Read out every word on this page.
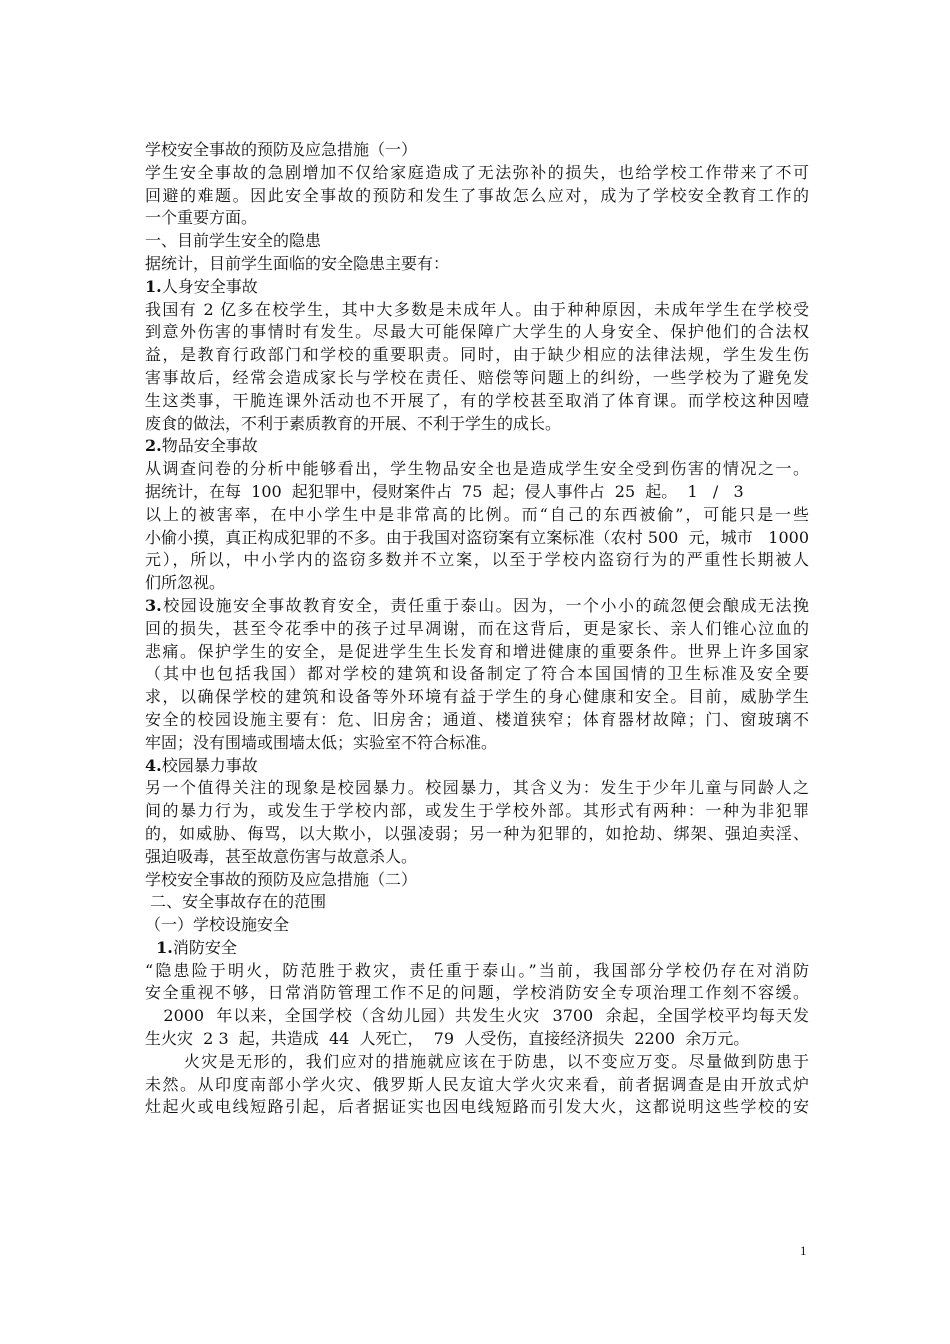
学校安全事故的预防及应急措施（一）
学生安全事故的急剧增加不仅给家庭造成了无法弥补的损失，也给学校工作带来了不可
回避的难题。因此安全事故的预防和发生了事故怎么应对，成为了学校安全教育工作的
一个重要方面。
一、目前学生安全的隐患
据统计，目前学生面临的安全隐患主要有：
1.人身安全事故
我国有 2 亿多在校学生，其中大多数是未成年人。由于种种原因，未成年学生在学校受
到意外伤害的事情时有发生。尽最大可能保障广大学生的人身安全、保护他们的合法权
益，是教育行政部门和学校的重要职责。同时，由于缺少相应的法律法规，学生发生伤
害事故后，经常会造成家长与学校在责任、赔偿等问题上的纠纷，一些学校为了避免发
生这类事，干脆连课外活动也不开展了，有的学校甚至取消了体育课。而学校这种因噎
废食的做法，不利于素质教育的开展、不利于学生的成长。
2.物品安全事故
从调查问卷的分析中能够看出，学生物品安全也是造成学生安全受到伤害的情况之一。
据统计，在每  100  起犯罪中，侵财案件占  75  起；侵人事件占  25  起。  1   /   3
以上的被害率，在中小学生中是非常高的比例。而“自己的东西被偷”，可能只是一些
小偷小摸，真正构成犯罪的不多。由于我国对盗窃案有立案标准（农村 500  元，城市   1000
元），所以，中小学内的盗窃多数并不立案，以至于学校内盗窃行为的严重性长期被人
们所忽视。
3.校园设施安全事故教育安全，责任重于泰山。因为，一个小小的疏忽便会酿成无法挽
回的损失，甚至令花季中的孩子过早凋谢，而在这背后，更是家长、亲人们锥心泣血的
悲痛。保护学生的安全，是促进学生生长发育和增进健康的重要条件。世界上许多国家
（其中也包括我国）都对学校的建筑和设备制定了符合本国国情的卫生标准及安全要
求，以确保学校的建筑和设备等外环境有益于学生的身心健康和安全。目前，威胁学生
安全的校园设施主要有：危、旧房舍；通道、楼道狭窄；体育器材故障；门、窗玻璃不
牢固；没有围墙或围墙太低；实验室不符合标准。
4.校园暴力事故
另一个值得关注的现象是校园暴力。校园暴力，其含义为：发生于少年儿童与同龄人之
间的暴力行为，或发生于学校内部，或发生于学校外部。其形式有两种：一种为非犯罪
的，如威胁、侮骂，以大欺小，以强凌弱；另一种为犯罪的，如抢劫、绑架、强迫卖淫、
强迫吸毒，甚至故意伤害与故意杀人。
学校安全事故的预防及应急措施（二）
二、安全事故存在的范围
（一）学校设施安全
1.消防安全
“隐患险于明火，防范胜于救灾，责任重于泰山。”当前，我国部分学校仍存在对消防
安全重视不够，日常消防管理工作不足的问题，学校消防安全专项治理工作刻不容缓。
2000  年以来，全国学校（含幼儿园）共发生火灾  3700  余起，全国学校平均每天发
生火灾  2 3  起，共造成  44  人死亡，  79  人受伤，直接经济损失  2200  余万元。
火灾是无形的，我们应对的措施就应该在于防患，以不变应万变。尽量做到防患于
未然。从印度南部小学火灾、俄罗斯人民友谊大学火灾来看，前者据调查是由开放式炉
灶起火或电线短路引起，后者据证实也因电线短路而引发大火，这都说明这些学校的安
1
